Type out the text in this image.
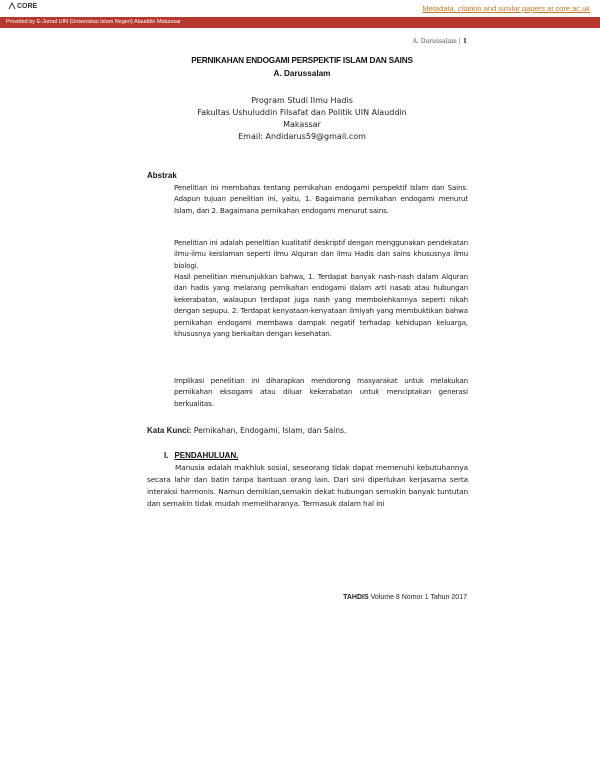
CORE	Metadata, citation and similar papers at core.ac.uk
Provided by E-Jurnal UIN (Universitas Islam Negeri) Alauddin Makassar
A. Darussalam | 1
PERNIKAHAN ENDOGAMI PERSPEKTIF ISLAM DAN SAINS
A. Darussalam
Program Studi Ilmu Hadis
Fakultas Ushuluddin Filsafat dan Politik UIN Alauddin
Makassar
Email: Andidarus59@gmail.com
Abstrak
Penelitian ini membahas tentang pernikahan endogami perspektif Islam dan Sains. Adapun tujuan penelitian ini, yaitu, 1. Bagaimana pernikahan endogami menurut Islam, dan 2. Bagaimana pernikahan endogami menurut sains.
Penelitian ini adalah penelitian kualitatif deskriptif dengan menggunakan pendekatan ilmu-ilmu keislaman seperti ilmu Alquran dan ilmu Hadis dan sains khususnya ilmu biologi.
Hasil penelitian menunjukkan bahwa, 1. Terdapat banyak nash-nash dalam Alquran dan hadis yang melarang pernikahan endogami dalam arti nasab atau hubungan kekerabatan, walaupun terdapat juga nash yang membolehkannya seperti nikah dengan sepupu. 2. Terdapat kenyataan-kenyataan ilmiyah yang membuktikan bahwa pernikahan endogami membawa dampak negatif terhadap kehidupan keluarga, khususnya yang berkaitan dengan kesehatan.
Implikasi penelitian ini diharapkan mendorong masyarakat untuk melakukan pernikahan eksogami atau diluar kekerabatan untuk menciptakan generasi berkualitas.
Kata Kunci: Pernikahan, Endogami, Islam, dan Sains.
I. PENDAHULUAN.
Manusia adalah makhluk sosial, seseorang tidak dapat memenuhi kebutuhannya secara lahir dan batin tanpa bantuan orang lain. Dari sini diperlukan kerjasama serta interaksi harmonis. Namun demikian,semakin dekat hubungan semakin banyak tuntutan dan semakin tidak mudah memeliharanya. Termasuk dalam hal ini
TAHDIS Volume 8 Nomor 1 Tahun 2017
